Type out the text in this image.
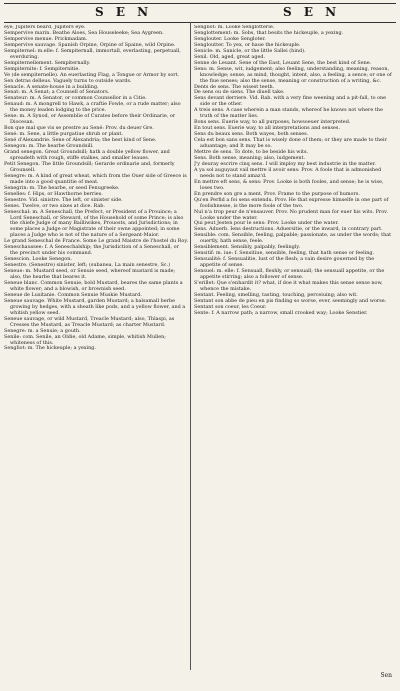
S E N	S E N

eye, Jupiters beard, Jupiters eye.

Sempervive marin. Beathe Aloes, Sea Houseleeke; Sea Aygreen.

Sempervive menue. Prickmadam.

Sempervive sauvage. Spanish Orpine, Orpine of Spaine, wild Orpine.

Sempiternel: m.elle: f. Sempiternall, immortall, everlasting, perpetuall, everduring.

Sempiternellement. Sempiternally.

Sempiternite: f. Sempiternitie.

Ve (de sempiternelle). An euerlasting Flag, a Tongue or Armor by sort.

Sen detras delleus. Vaguely turns to outside wards.

Senacle. A senate-house in a building.

Senat: m. A Senat; a Counsell of Senators.

Senateur: m. A Senator, or common Counsellor in a Citie.

Senaud: m. A mongrell to Hawk, a craftie Fowle, or a rude matter; also the money leaden lodging to the price.

Sene: m. A Synod, or Assemblie of Curates before their Ordinarie, or Diocesan.

Bon que mal que vis se prestre au Sené: Prov. du deuer Gre.

Sené: m. Sene, a little purgatiue shrub or plant.

Sené d'Alexandrie. Sene of Alexandria; the best kind of Sene.

Senegon: m. The hearbe Groundsill.

Grand senegon. Great Groundsill; hath a double yellow flower, and spreadeth with rough, stiffe stalkes, and smaller leaues.

Petit Senegon. The little Groundsill; Gerarde ordinarie and, formerly Grounsell.

Senegre: m. A kind of great wheat, which from the Ouer side of Greece is made into a good quantitie of meat.

Senegrin: m. The hearbe, or seed Fenugreeke.

Senelles: f. Hips, or Hawthorne berries.

Senestre. Vid. sinistre. The left, or sinister side.

Senes. Twelve, or two sixes at dice. Rab.

Seneschal: m. A Seneschall, the Prefect, or President of a Prouince; a Lord Seneschall, or Steward, of the Household of some Prince; is also the chiefe Judge of many Bailliwikes, Prouosts, and Jurisdictions; in some places a Judge or Magistrate of their owne appointed; in some places a Judge who is not of the nature of a Sergeant-Maior.

Le grand Seneschal de France. Some Le grand Maistre de l'hostel du Roy.

Seneschaussee: f. A Seneschalship; the Jurisdiction of a Seneschall, or the precinct under his command.

Senescion. Looke Senegon.

Senestre. (Senestre) sinister, left; (subanea, La main senestre, Sc.)

Seneue: m. Mustard seed, or Senuie seed, whereof mustard is made; also, the hearbe that beares it.

Seneue blanc. Common Senuie, bold Mustard, beares the same plants a white flower; and a blowish, or brownish seed.

Seneue de Lusitanie. Common Senuie Muskie Mustard.

Seneue sauvage. White Mustard, garden Mustard; a balsamall herbe growing by hedges, with a sheath like pods, and a yellow flower, and a whitish yellow seed.

Seneue sauvage, or wild Mustard, Treacle Mustard; also, Thlaspi, as Cresses the Mustard, as Treacle Mustard; as charter Mustard.

Senegre: m. a Senuie; a gouth.

Senile: com. Senile, an Oldie, old Adame, simple, whitish Mullen; whiteness of this.

Sengliot: m. The hickeuple; a yexing.

Sengliot: m. Looke Senglotterie.

Senglottement: m. Sobs, that besits the hickeuple, a yexing.

Senglouter. Looke Sengloter.

Sengloutter. To yex, or haue the hickeuple.

Senicle: m. Sanicle, or the little Sallei (hind).

Senil. Old, aged, great aged.

Senne de Leuant. Sene of the East, Leuant Sene, the best kind of Sene.

Sens: m. Sense, wit, iudgement; also feeling, understanding, meaning, reason, knowledge; sense, as mind, thought, intent, also, a feeling, a sence; or one of the fiue senses; also the sense, meaning or construction of a writing, &c.

Dents de sens. The wisest teeth.

De sens ou de siens. The diuell take.

Sens devant derriere. Vid. Rab. with a very fine weening and a pit-fall, to one side or the other.

A treis sens. A case wherein a man stands, whereof he knows not where the truth of the matter lies.

Bons sens. Euerie way, to all purposes, howsoeuer interpreted.

En tout sens. Euerie way, to all interpretations and senses.

Sens du beaux sens. Both wayes, both senses.

Cela est bon sans sens. That is wisely done of them; or they are made to their aduantage; and It may be so.

Mettre de sens. To dote, to be beside his wits.

Sens. Both sense, meaning; also, iudgement.

J'y deuray escrire cinq sens. I will imploy my best industrie in the matter.

A ya sol auguyaut vail mettre il avoir sens: Prov. A foole that is admonished needs not to stand amaz'd.

En mettre eft sens, & sens: Prov. Looke is both fooles, and sense; he is wise, loses two.

En prendre son gre a ment, Prov. Frame to the purpose of humors.

Qu'en Perfid a foi sens entendu. Prov. He that expresse himselfe in one part of foolishnesse, is the more foole of the two.

Nul n'a trop peur de n'ensauver. Prov. No prudent man for euer his wits. Prov. Looke under the water.

Qui peut Jesten pour le sens: Prov. Looke under the water.

Sens. Aduerb. Iens destructions. Aduersitie, or the inward, in contrary part.

Sensible: com. Sensible, feeling, palpable; passionate, as under the words; that ouertly, hath sense, feele.

Sensiblement. Sensibly, palpably, feelingly.

Sensitif: m. iue: f. Sensitiue, sensible, feeling, that hath sense or feeling.

Sensualité: f. Sensualitie, lust of the flesh; a vain desire gouerned by the appetite of sense.

Sensuel: m. elle: f. Sensuall, fleshly, or sensuall; the sensuall appetite, or the appetite stirring; also a follower of sense.

S'erillet: Que s'enhardit it? what, if doe it what makes this sense sense now, whence the mistake.

Sentant. Feeling, smelling, tasting, touching, perceiuing; also wit.

Sentant son abbe de pieu en pis finding so worse, ever, seemingly and worse.

Sentant son coeur, les Coeur.

Sente: f. A narrow path; a narrow, small crooked way; Looke Senstier.

Sen
